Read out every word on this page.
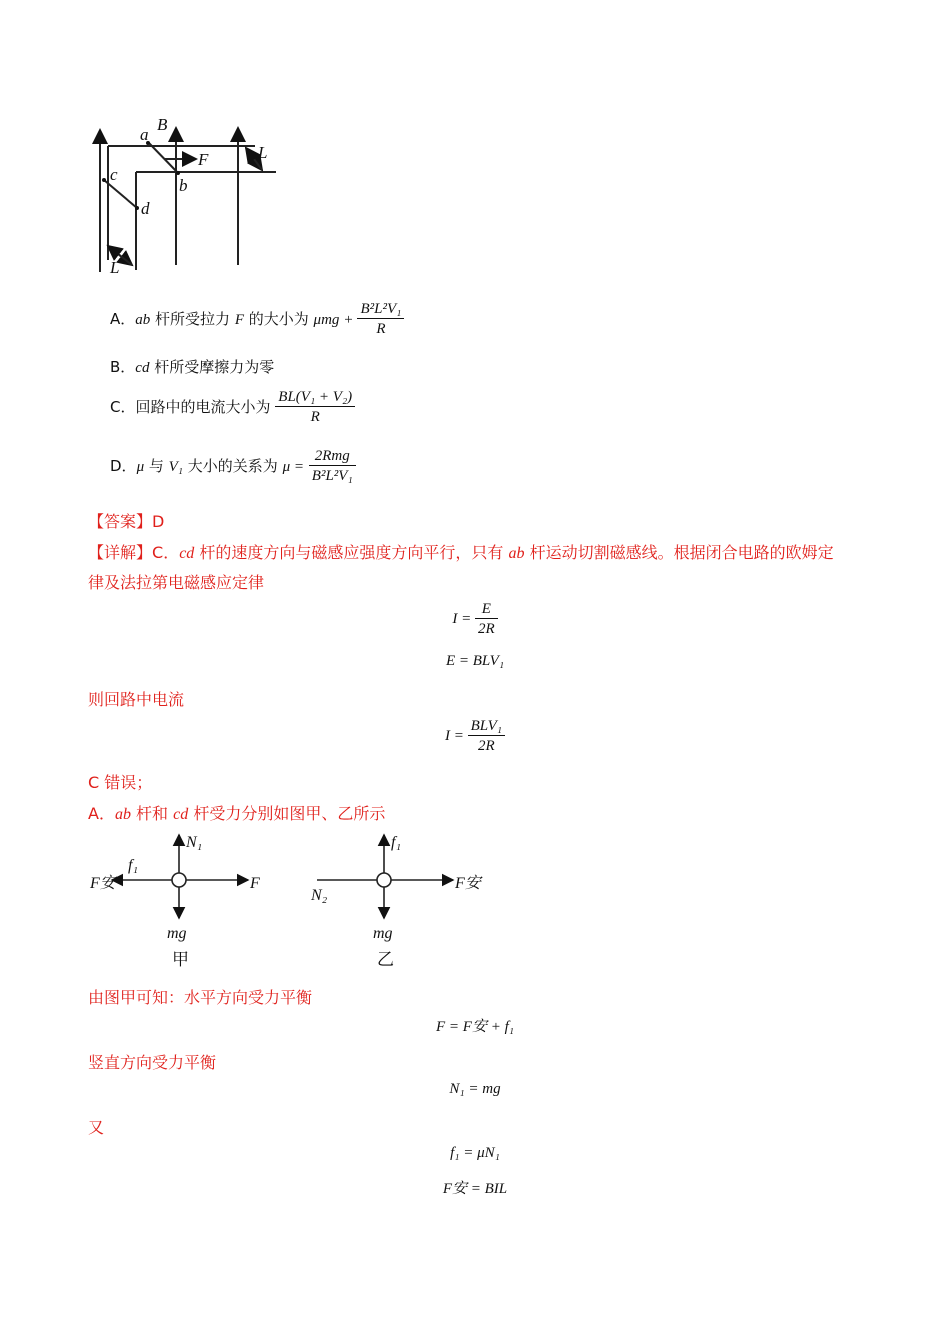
a
B
F	L
c
b
d
L
A．ab 杆所受拉力 F 的大小为 $\mu mg + \frac{\text{B²L²V₁}}{R}$
B．cd 杆所受摩擦力为零
C．回路中的电流大小为 $\frac{\text{BL(V₁ + V₂)}}{R}$
D．μ 与 V₁ 大小的关系为 $\mu = \frac{\text{2Rmg}}{\text{B²L²V₁}}$
【答案】D
【详解】C．cd 杆的速度方向与磁感应强度方向平行，只有 ab 杆运动切割磁感线。根据闭合电路的欧姆定
律及法拉第电磁感应定律
$I = \frac{E}{2R}$
E = BLV₁
则回路中电流
$I = \frac{\text{BLV₁}}{2R}$
C 错误；
A．ab 杆和 cd 杆受力分别如图甲、乙所示
N₁
f₁
F安	F
mg
甲
f₁
N₂
F安
mg
乙
由图甲可知：水平方向受力平衡
F = F安 + f₁
竖直方向受力平衡
N₁ = mg
又
f₁ = μN₁
F安 = BIL
